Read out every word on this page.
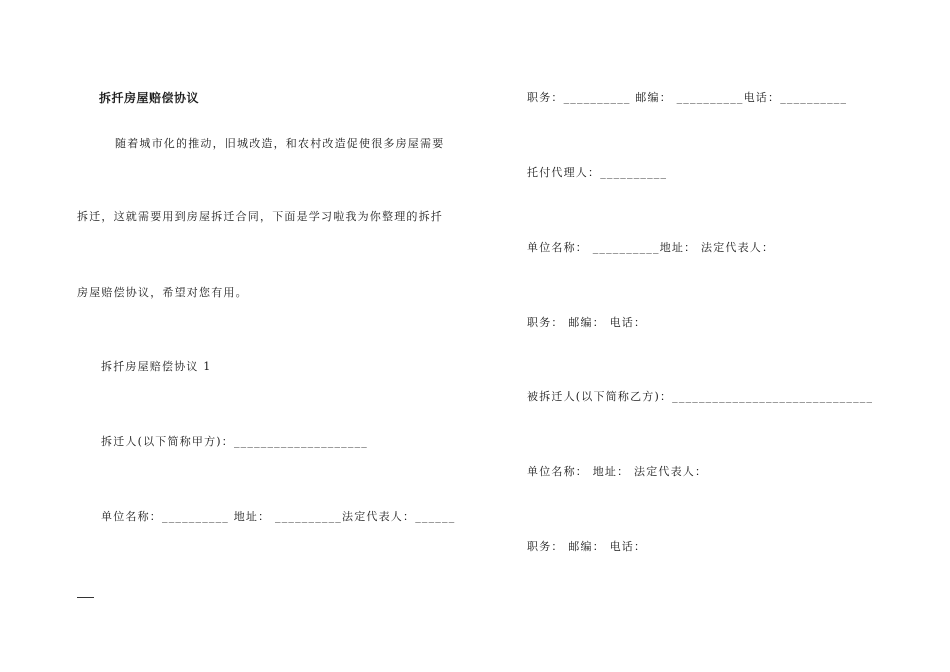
拆扦房屋赔偿协议
随着城市化的推动，旧城改造，和农村改造促使很多房屋需要
拆迁，这就需要用到房屋拆迁合同，下面是学习啦我为你整理的拆扦
房屋赔偿协议，希望对您有用。
拆扦房屋赔偿协议 1
拆迁人(以下简称甲方)：____________________
单位名称：__________ 地址： __________法定代表人：______
职务：__________ 邮编： __________电话：__________
托付代理人：__________
单位名称： __________地址： 法定代表人：
职务： 邮编： 电话：
被拆迁人(以下简称乙方)：______________________________
单位名称： 地址： 法定代表人：
职务： 邮编： 电话：
